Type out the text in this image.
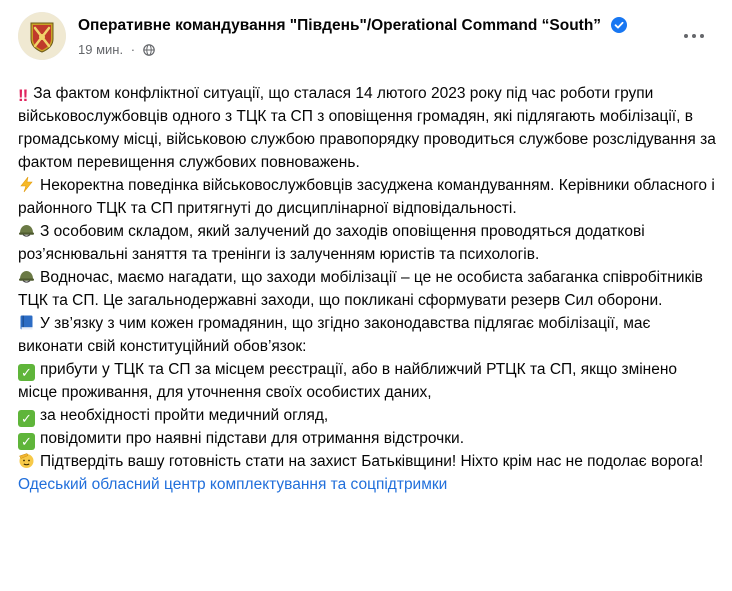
Оперативне командування "Південь"/Operational Command “South”
19 мин. ·

‼ За фактом конфліктної ситуації, що сталася 14 лютого 2023 року під час роботи групи військовослужбовців одного з ТЦК та СП з оповіщення громадян, які підлягають мобілізації, в громадському місці, військовою службою правопорядку проводиться службове розслідування за фактом перевищення службових повноважень.

Некоректна поведінка військовослужбовців засуджена командуванням. Керівники обласного і районного ТЦК та СП притягнуті до дисциплінарної відповідальності.

З особовим складом, який залучений до заходів оповіщення проводяться додаткові роз’яснювальні заняття та тренінги із залученням юристів та психологів.

Водночас, маємо нагадати, що заходи мобілізації – це не особиста забаганка співробітників ТЦК та СП. Це загальнодержавні заходи, що покликані сформувати резерв Сил оборони.

У зв’язку з чим кожен громадянин, що згідно законодавства підлягає мобілізації, має виконати свій конституційний обов’язок:

✓ прибути у ТЦК та СП за місцем реєстрації, або в найближчий РТЦК та СП, якщо змінено місце проживання, для уточнення своїх особистих даних,

✓ за необхідності пройти медичний огляд,

✓ повідомити про наявні підстави для отримання відстрочки.

Підтвердіть вашу готовність стати на захист Батьківщини! Ніхто крім нас не подолає ворога!

Одеський обласний центр комплектування та соцпідтримки
